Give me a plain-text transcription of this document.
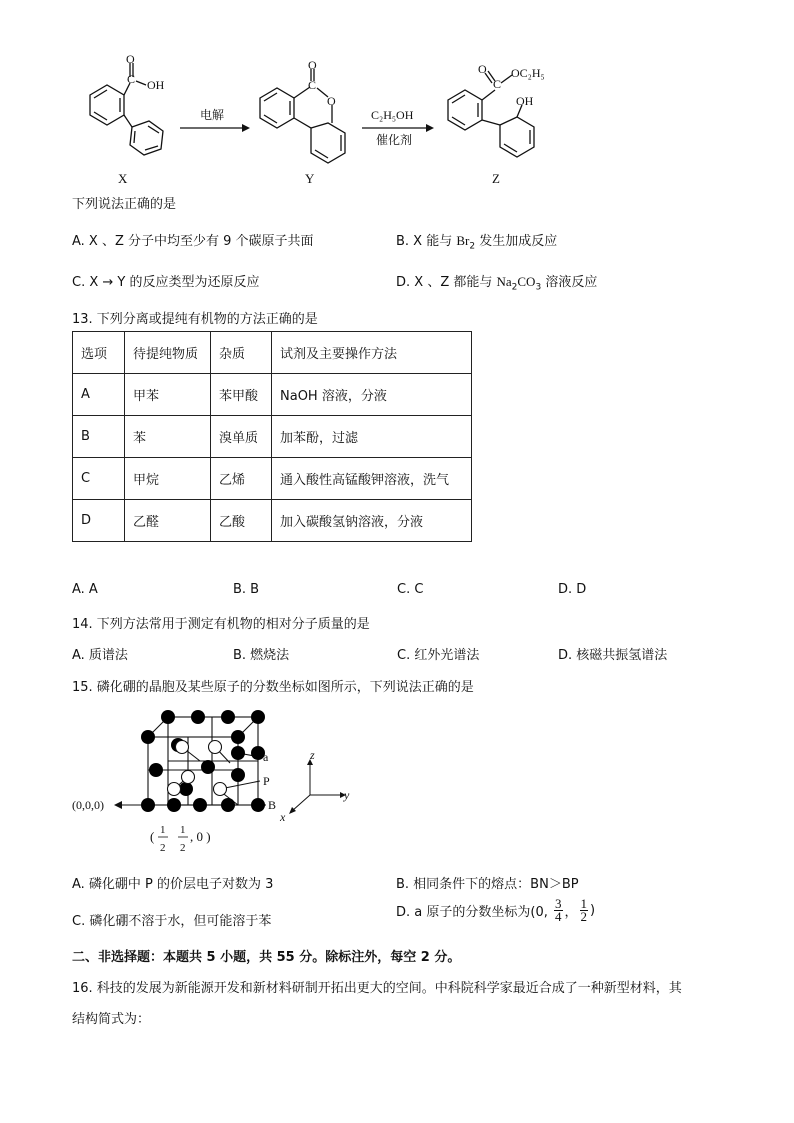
O
C OH
X
电解
O
C
O
Y
C₂H₅OH
催化剂
O
C
OC₂H₅
OH
Z
下列说法正确的是
A. X 、Z 分子中均至少有 9 个碳原子共面	B. X 能与 $Br_2$ 发生加成反应
C. X → Y 的反应类型为还原反应	D. X 、Z 都能与 $Na_2CO_3$ 溶液反应
13. 下列分离或提纯有机物的方法正确的是
选项	待提纯物质	杂质	试剂及主要操作方法
A	甲苯	苯甲酸	NaOH 溶液，分液
B	苯	溴单质	加苯酚，过滤
C	甲烷	乙烯	通入酸性高锰酸钾溶液，洗气
D	乙醛	乙酸	加入碳酸氢钠溶液，分液
A. A	B. B	C. C	D. D
14. 下列方法常用于测定有机物的相对分子质量的是
A. 质谱法	B. 燃烧法	C. 红外光谱法	D. 核磁共振氢谱法
15. 磷化硼的晶胞及某些原子的分数坐标如图所示，下列说法正确的是
a
P
B
(0,0,0)
( 1
2
1
2
, 0 )
z
y
x
A. 磷化硼中 P 的价层电子对数为 3	B. 相同条件下的熔点：BN＞BP
C. 磷化硼不溶于水，但可能溶于苯
D. a 原子的分数坐标为(0, $\frac{3}{4}$ ， $\frac{1}{2}$ )
二、非选择题：本题共 5 小题，共 55 分。除标注外，每空 2 分。
16. 科技的发展为新能源开发和新材料研制开拓出更大的空间。中科院科学家最近合成了一种新型材料，其
结构简式为：
